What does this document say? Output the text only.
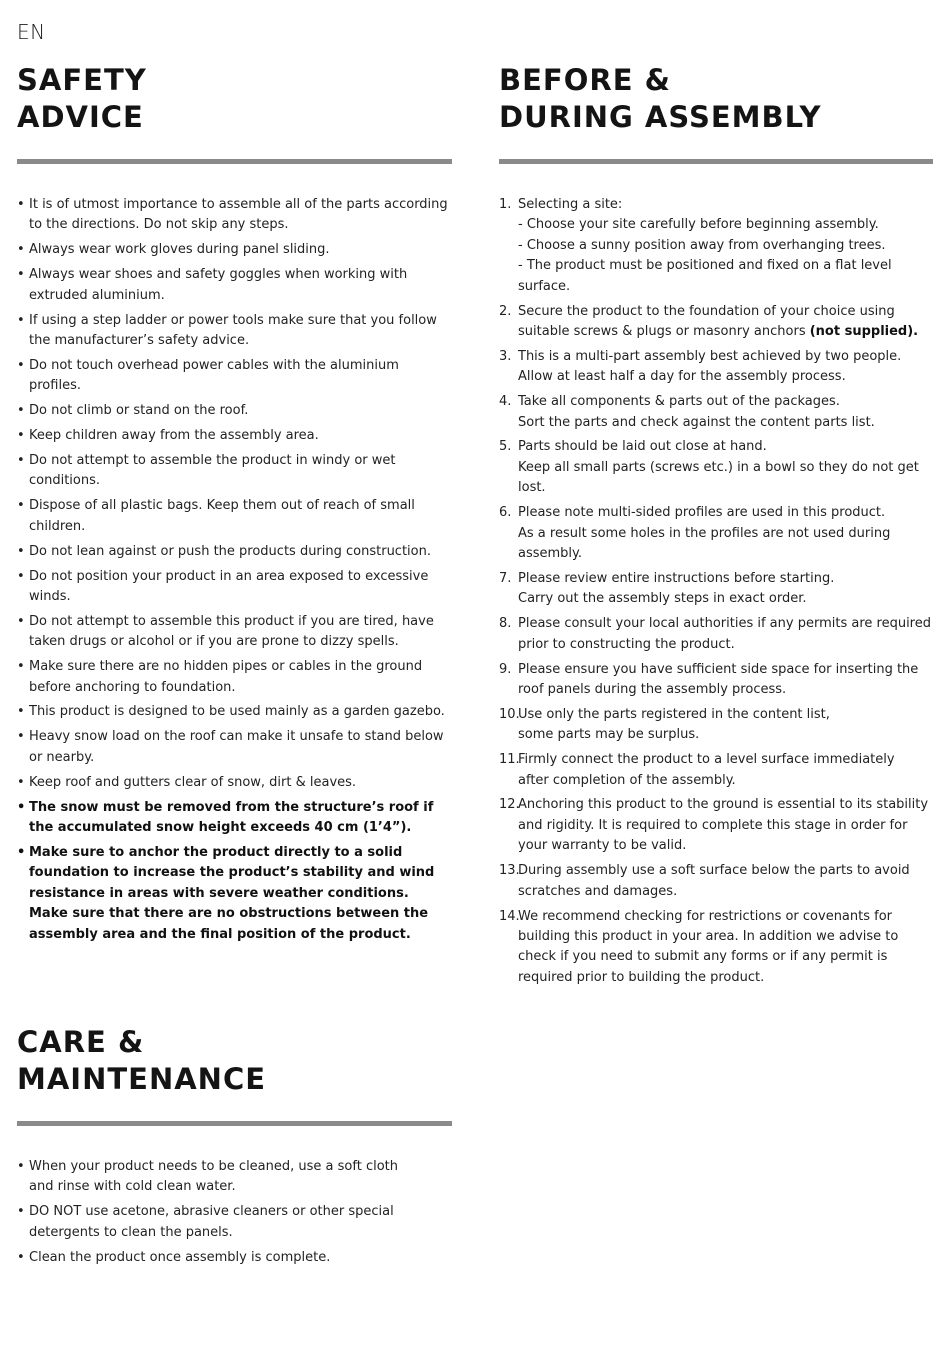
EN
SAFETY
ADVICE
• It is of utmost importance to assemble all of the parts according to the directions. Do not skip any steps.
• Always wear work gloves during panel sliding.
• Always wear shoes and safety goggles when working with extruded aluminium.
• If using a step ladder or power tools make sure that you follow the manufacturer’s safety advice.
• Do not touch overhead power cables with the aluminium profiles.
• Do not climb or stand on the roof.
• Keep children away from the assembly area.
• Do not attempt to assemble the product in windy or wet conditions.
• Dispose of all plastic bags. Keep them out of reach of small children.
• Do not lean against or push the products during construction.
• Do not position your product in an area exposed to excessive winds.
• Do not attempt to assemble this product if you are tired, have taken drugs or alcohol or if you are prone to dizzy spells.
• Make sure there are no hidden pipes or cables in the ground before anchoring to foundation.
• This product is designed to be used mainly as a garden gazebo.
• Heavy snow load on the roof can make it unsafe to stand below or nearby.
• Keep roof and gutters clear of snow, dirt & leaves.
• The snow must be removed from the structure’s roof if the accumulated snow height exceeds 40 cm (1’4”).
• Make sure to anchor the product directly to a solid foundation to increase the product’s stability and wind resistance in areas with severe weather conditions. Make sure that there are no obstructions between the assembly area and the final position of the product.
BEFORE &
DURING ASSEMBLY
1. Selecting a site:
- Choose your site carefully before beginning assembly.
- Choose a sunny position away from overhanging trees.
- The product must be positioned and fixed on a flat level surface.
2. Secure the product to the foundation of your choice using suitable screws & plugs or masonry anchors (not supplied).
3. This is a multi-part assembly best achieved by two people.
Allow at least half a day for the assembly process.
4. Take all components & parts out of the packages.
Sort the parts and check against the content parts list.
5. Parts should be laid out close at hand.
Keep all small parts (screws etc.) in a bowl so they do not get lost.
6. Please note multi-sided profiles are used in this product.
As a result some holes in the profiles are not used during assembly.
7. Please review entire instructions before starting.
Carry out the assembly steps in exact order.
8. Please consult your local authorities if any permits are required prior to constructing the product.
9. Please ensure you have sufficient side space for inserting the roof panels during the assembly process.
10.
Use only the parts registered in the content list,
some parts may be surplus.
11.
Firmly connect the product to a level surface immediately
after completion of the assembly.
12.
Anchoring this product to the ground is essential to its stability and rigidity. It is required to complete this stage in order for your warranty to be valid.
13.
During assembly use a soft surface below the parts to avoid scratches and damages.
14.
We recommend checking for restrictions or covenants for building this product in your area. In addition we advise to check if you need to submit any forms or if any permit is required prior to building the product.
CARE &
MAINTENANCE
• When your product needs to be cleaned, use a soft cloth and rinse with cold clean water.
• DO NOT use acetone, abrasive cleaners or other special detergents to clean the panels.
• Clean the product once assembly is complete.
